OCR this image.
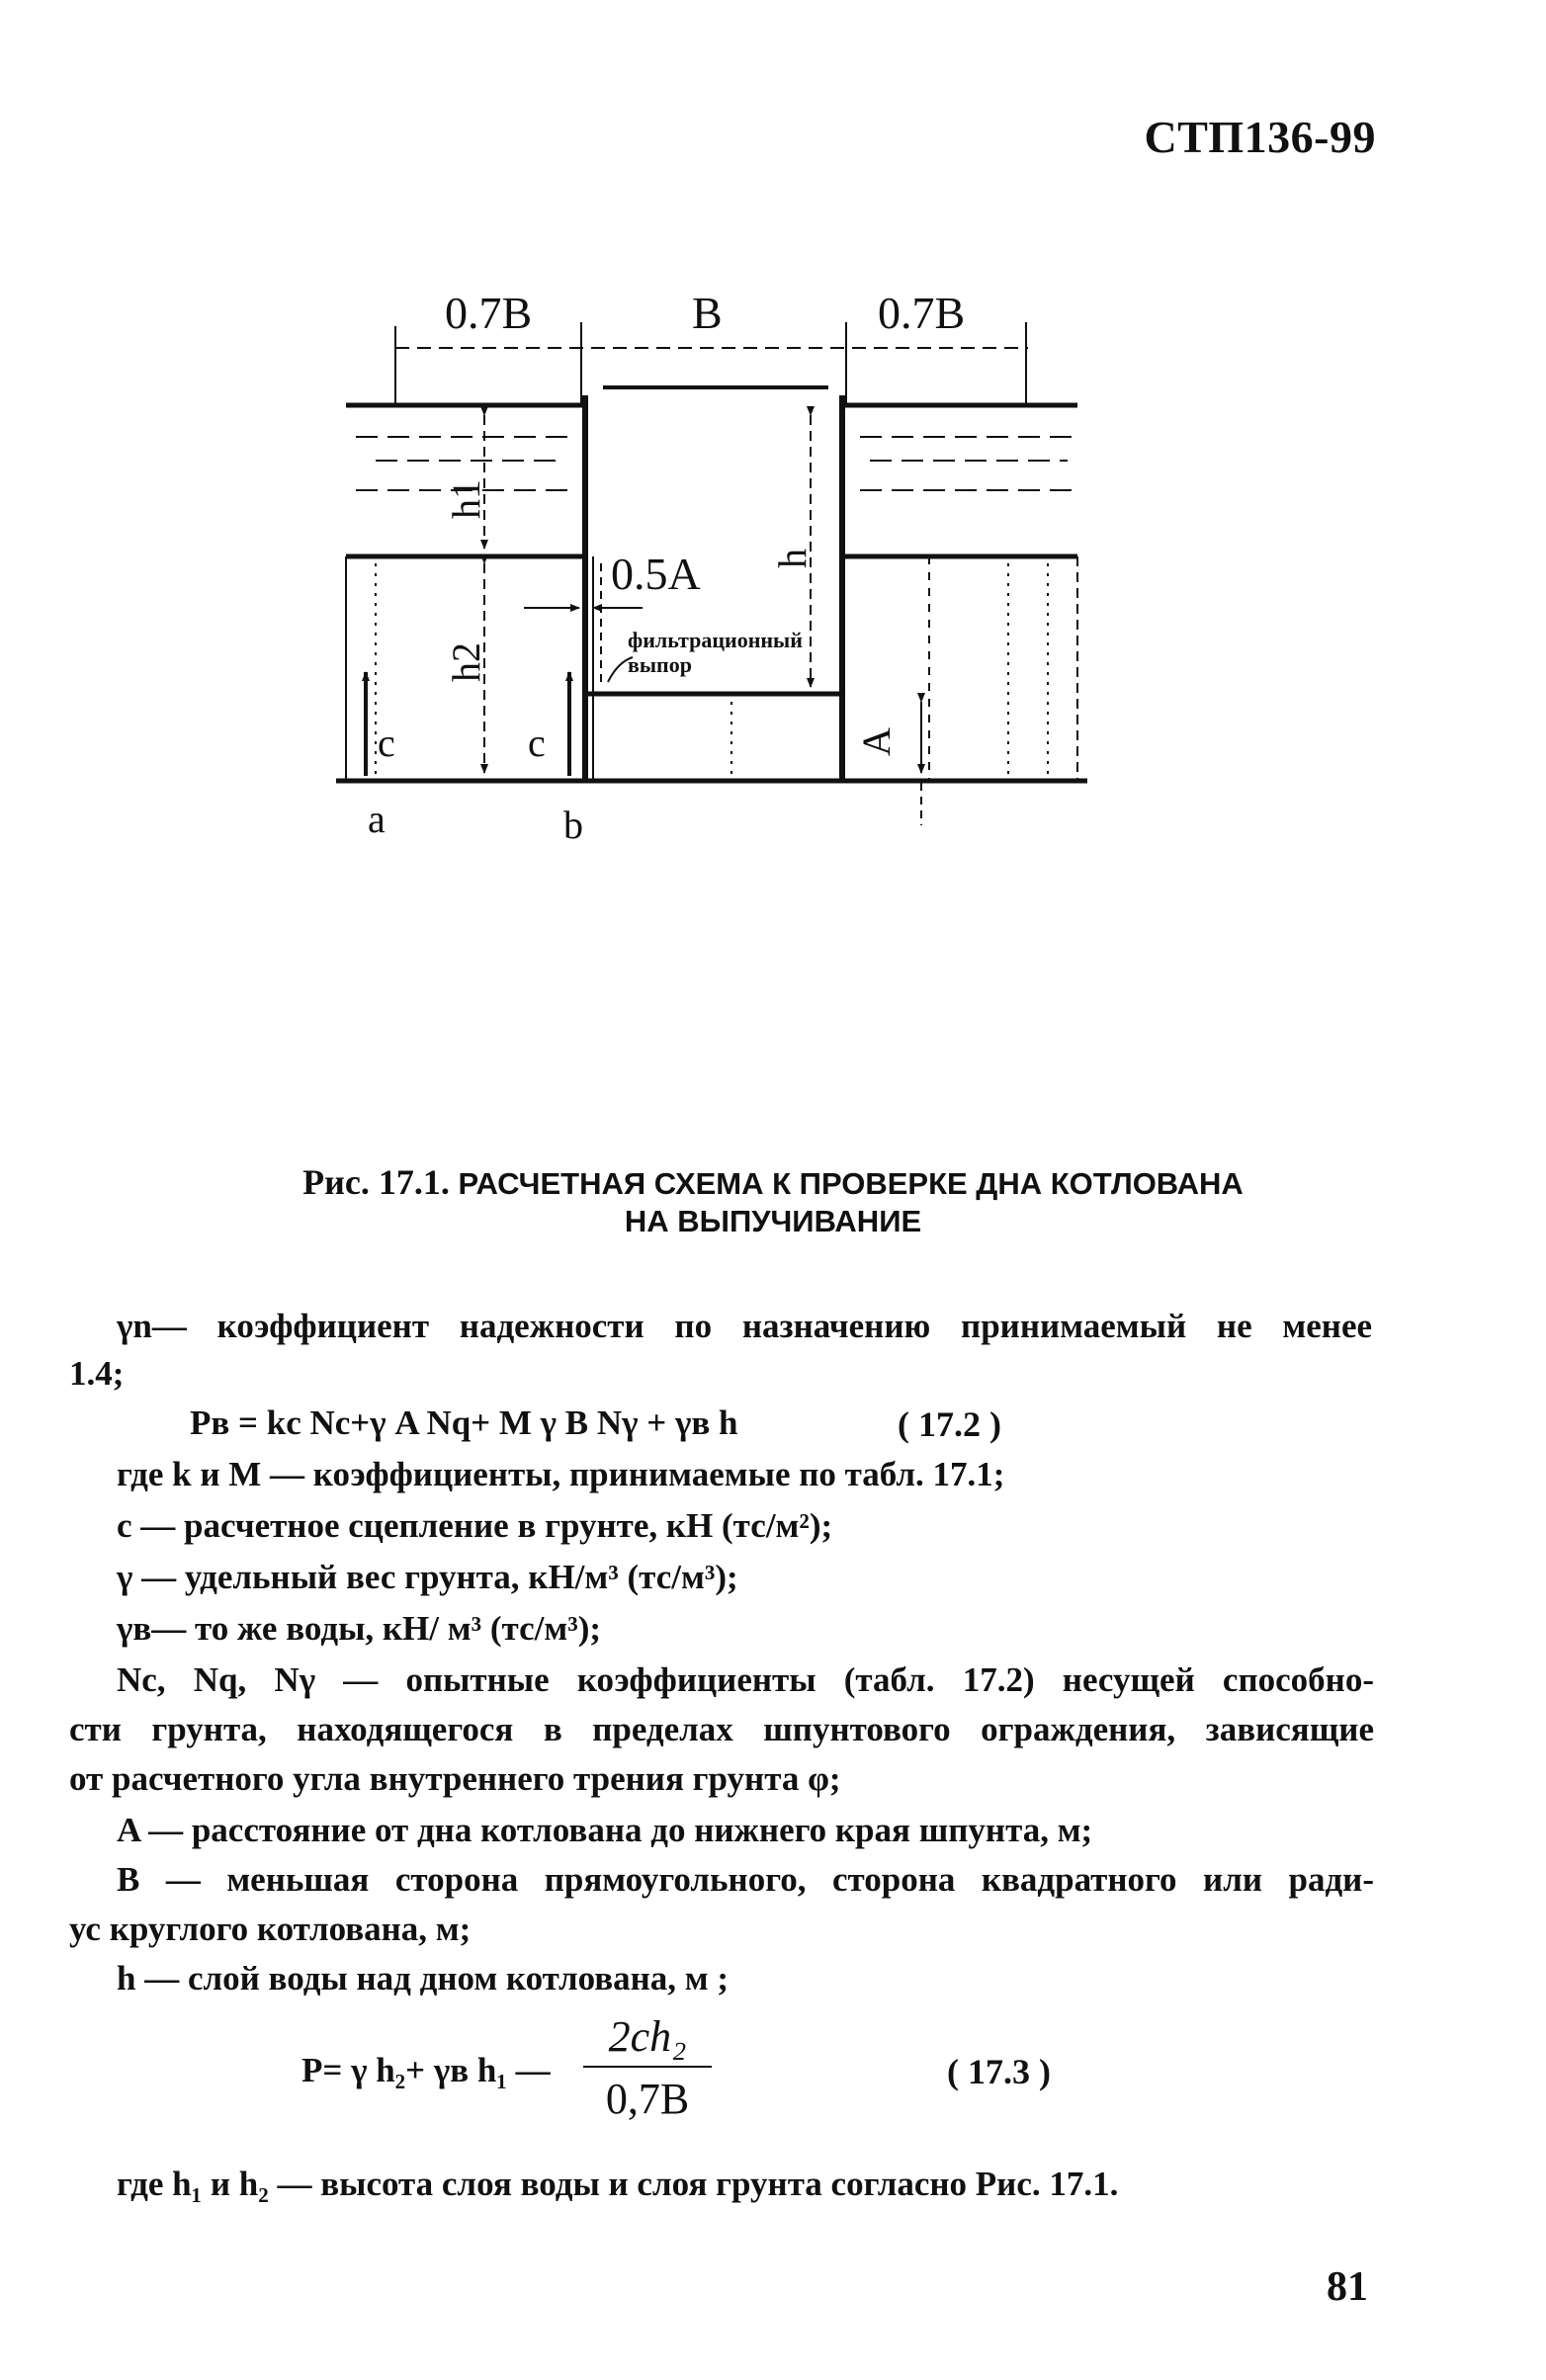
СТП136-99
0.7B	B	0.7B
0.5A
A
h1
h2
h
c	c
a	b
фильтрационный
выпор
Рис. 17.1. РАСЧЕТНАЯ СХЕМА К ПРОВЕРКЕ ДНА КОТЛОВАНА
НА ВЫПУЧИВАНИЕ
γn— коэффициент надежности по назначению принимаемый не менее
1.4;
Pв = kc Nc+γ A Nq+ M γ B Nγ + γв h	( 17.2 )
где k и M — коэффициенты, принимаемые по табл. 17.1;
c — расчетное сцепление в грунте, кН (тс/м²);
γ — удельный вес грунта, кН/м³ (тс/м³);
γв— то же воды, кН/ м³ (тс/м³);
Nc, Nq, Nγ — опытные коэффициенты (табл. 17.2) несущей способно-
сти грунта, находящегося в пределах шпунтового ограждения, зависящие
от расчетного угла внутреннего трения грунта φ;
A — расстояние от дна котлована до нижнего края шпунта, м;
B — меньшая сторона прямоугольного, сторона квадратного или ради-
ус круглого котлована, м;
h — слой воды над дном котлована, м ;
P= γ h₂+ γв h₁ —
2ch₂
0,7B
( 17.3 )
где h₁ и h₂ — высота слоя воды и слоя грунта согласно Рис. 17.1.
81
